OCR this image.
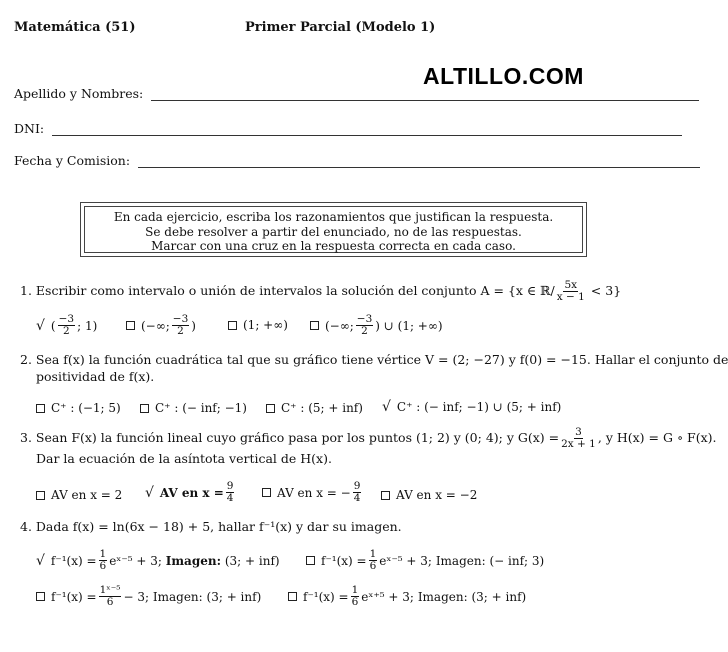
Matemática (51)	Primer Parcial (Modelo 1)
ALTILLO.COM
Apellido y Nombres:
DNI:
Fecha y Comision:
En cada ejercicio, escriba los razonamientos que justifican la respuesta.
Se debe resolver a partir del enunciado, no de las respuestas.
Marcar con una cruz en la respuesta correcta en cada caso.
1. Escribir como intervalo o unión de intervalos la solución del conjunto A = {x ∈ ℝ/ $\frac{5x}{x - 1} < 3$}
√ ( $\frac{-3}{2}$ ; 1)	(−∞; $\frac{-3}{2}$ )	(1; +∞)	(−∞; $\frac{-3}{2}$ ) ∪ (1; +∞)
2. Sea f(x) la función cuadrática tal que su gráfico tiene vértice V = (2; −27) y f(0) = −15. Hallar el conjunto de
positividad de f(x).
C⁺ : (−1; 5)	C⁺ : (− inf; −1)	C⁺ : (5; + inf) √ C⁺ : (− inf; −1) ∪ (5; + inf)
3. Sean F(x) la función lineal cuyo gráfico pasa por los puntos (1; 2) y (0; 4); y $G(x) = \frac{3}{2x + 1}$ , y H(x) = G ∘ F(x).
Dar la ecuación de la asíntota vertical de H(x).
AV en x = 2 √ AV en $x = \frac{9}{4}$	AV en x = − $\frac{9}{4}$	AV en x = −2
4. Dada f(x) = ln(6x − 18) + 5, hallar f⁻¹(x) y dar su imagen.
√ $f^{-1}(x) = \frac{1}{6}$ eˣ⁻⁵ + 3;
Imagen:
(3; + inf)	$f^{-1}(x) = \frac{1}{6}$ eˣ⁻⁵ + 3;
Imagen:
(− inf; 3)
$f^{-1}(x) = \frac{\text{1ˣ⁻⁵}}{6} - 3$;
Imagen:
(3; + inf)	$f^{-1}(x) = \frac{1}{6}$ eˣ⁺⁵ + 3;
Imagen:
(3; + inf)
